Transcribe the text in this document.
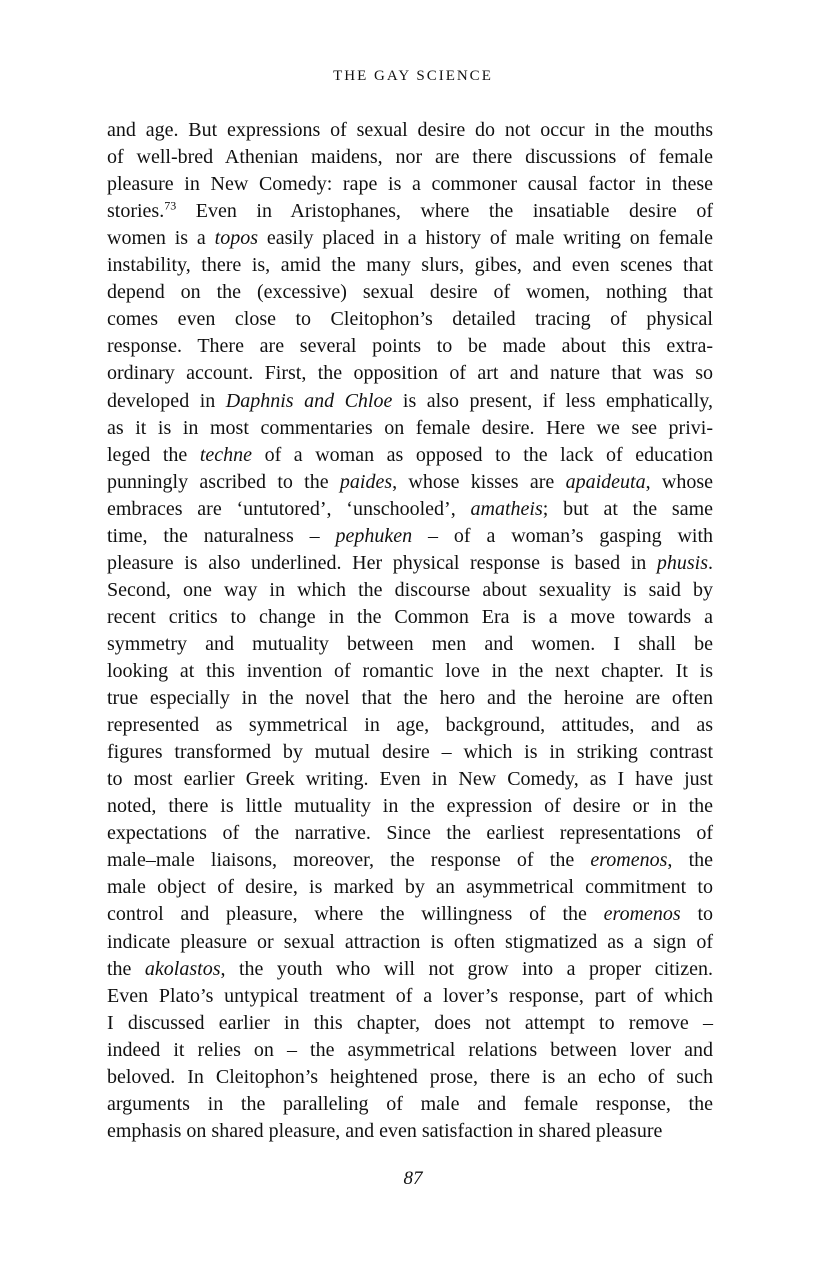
THE GAY SCIENCE
and age. But expressions of sexual desire do not occur in the mouths
of well-bred Athenian maidens, nor are there discussions of female
pleasure in New Comedy: rape is a commoner causal factor in these
stories.$^{73}$ Even in Aristophanes, where the insatiable desire of
women is a topos easily placed in a history of male writing on female
instability, there is, amid the many slurs, gibes, and even scenes that
depend on the (excessive) sexual desire of women, nothing that
comes even close to Cleitophon’s detailed tracing of physical
response. There are several points to be made about this extra-
ordinary account. First, the opposition of art and nature that was so
developed in Daphnis and Chloe is also present, if less emphatically,
as it is in most commentaries on female desire. Here we see privi-
leged the techne of a woman as opposed to the lack of education
punningly ascribed to the paides, whose kisses are apaideuta, whose
embraces are ‘untutored’, ‘unschooled’, amatheis; but at the same
time, the naturalness – pephuken – of a woman’s gasping with
pleasure is also underlined. Her physical response is based in phusis.
Second, one way in which the discourse about sexuality is said by
recent critics to change in the Common Era is a move towards a
symmetry and mutuality between men and women. I shall be
looking at this invention of romantic love in the next chapter. It is
true especially in the novel that the hero and the heroine are often
represented as symmetrical in age, background, attitudes, and as
figures transformed by mutual desire – which is in striking contrast
to most earlier Greek writing. Even in New Comedy, as I have just
noted, there is little mutuality in the expression of desire or in the
expectations of the narrative. Since the earliest representations of
male–male liaisons, moreover, the response of the eromenos, the
male object of desire, is marked by an asymmetrical commitment to
control and pleasure, where the willingness of the eromenos to
indicate pleasure or sexual attraction is often stigmatized as a sign of
the akolastos, the youth who will not grow into a proper citizen.
Even Plato’s untypical treatment of a lover’s response, part of which
I discussed earlier in this chapter, does not attempt to remove –
indeed it relies on – the asymmetrical relations between lover and
beloved. In Cleitophon’s heightened prose, there is an echo of such
arguments in the paralleling of male and female response, the
emphasis on shared pleasure, and even satisfaction in shared pleasure
87
